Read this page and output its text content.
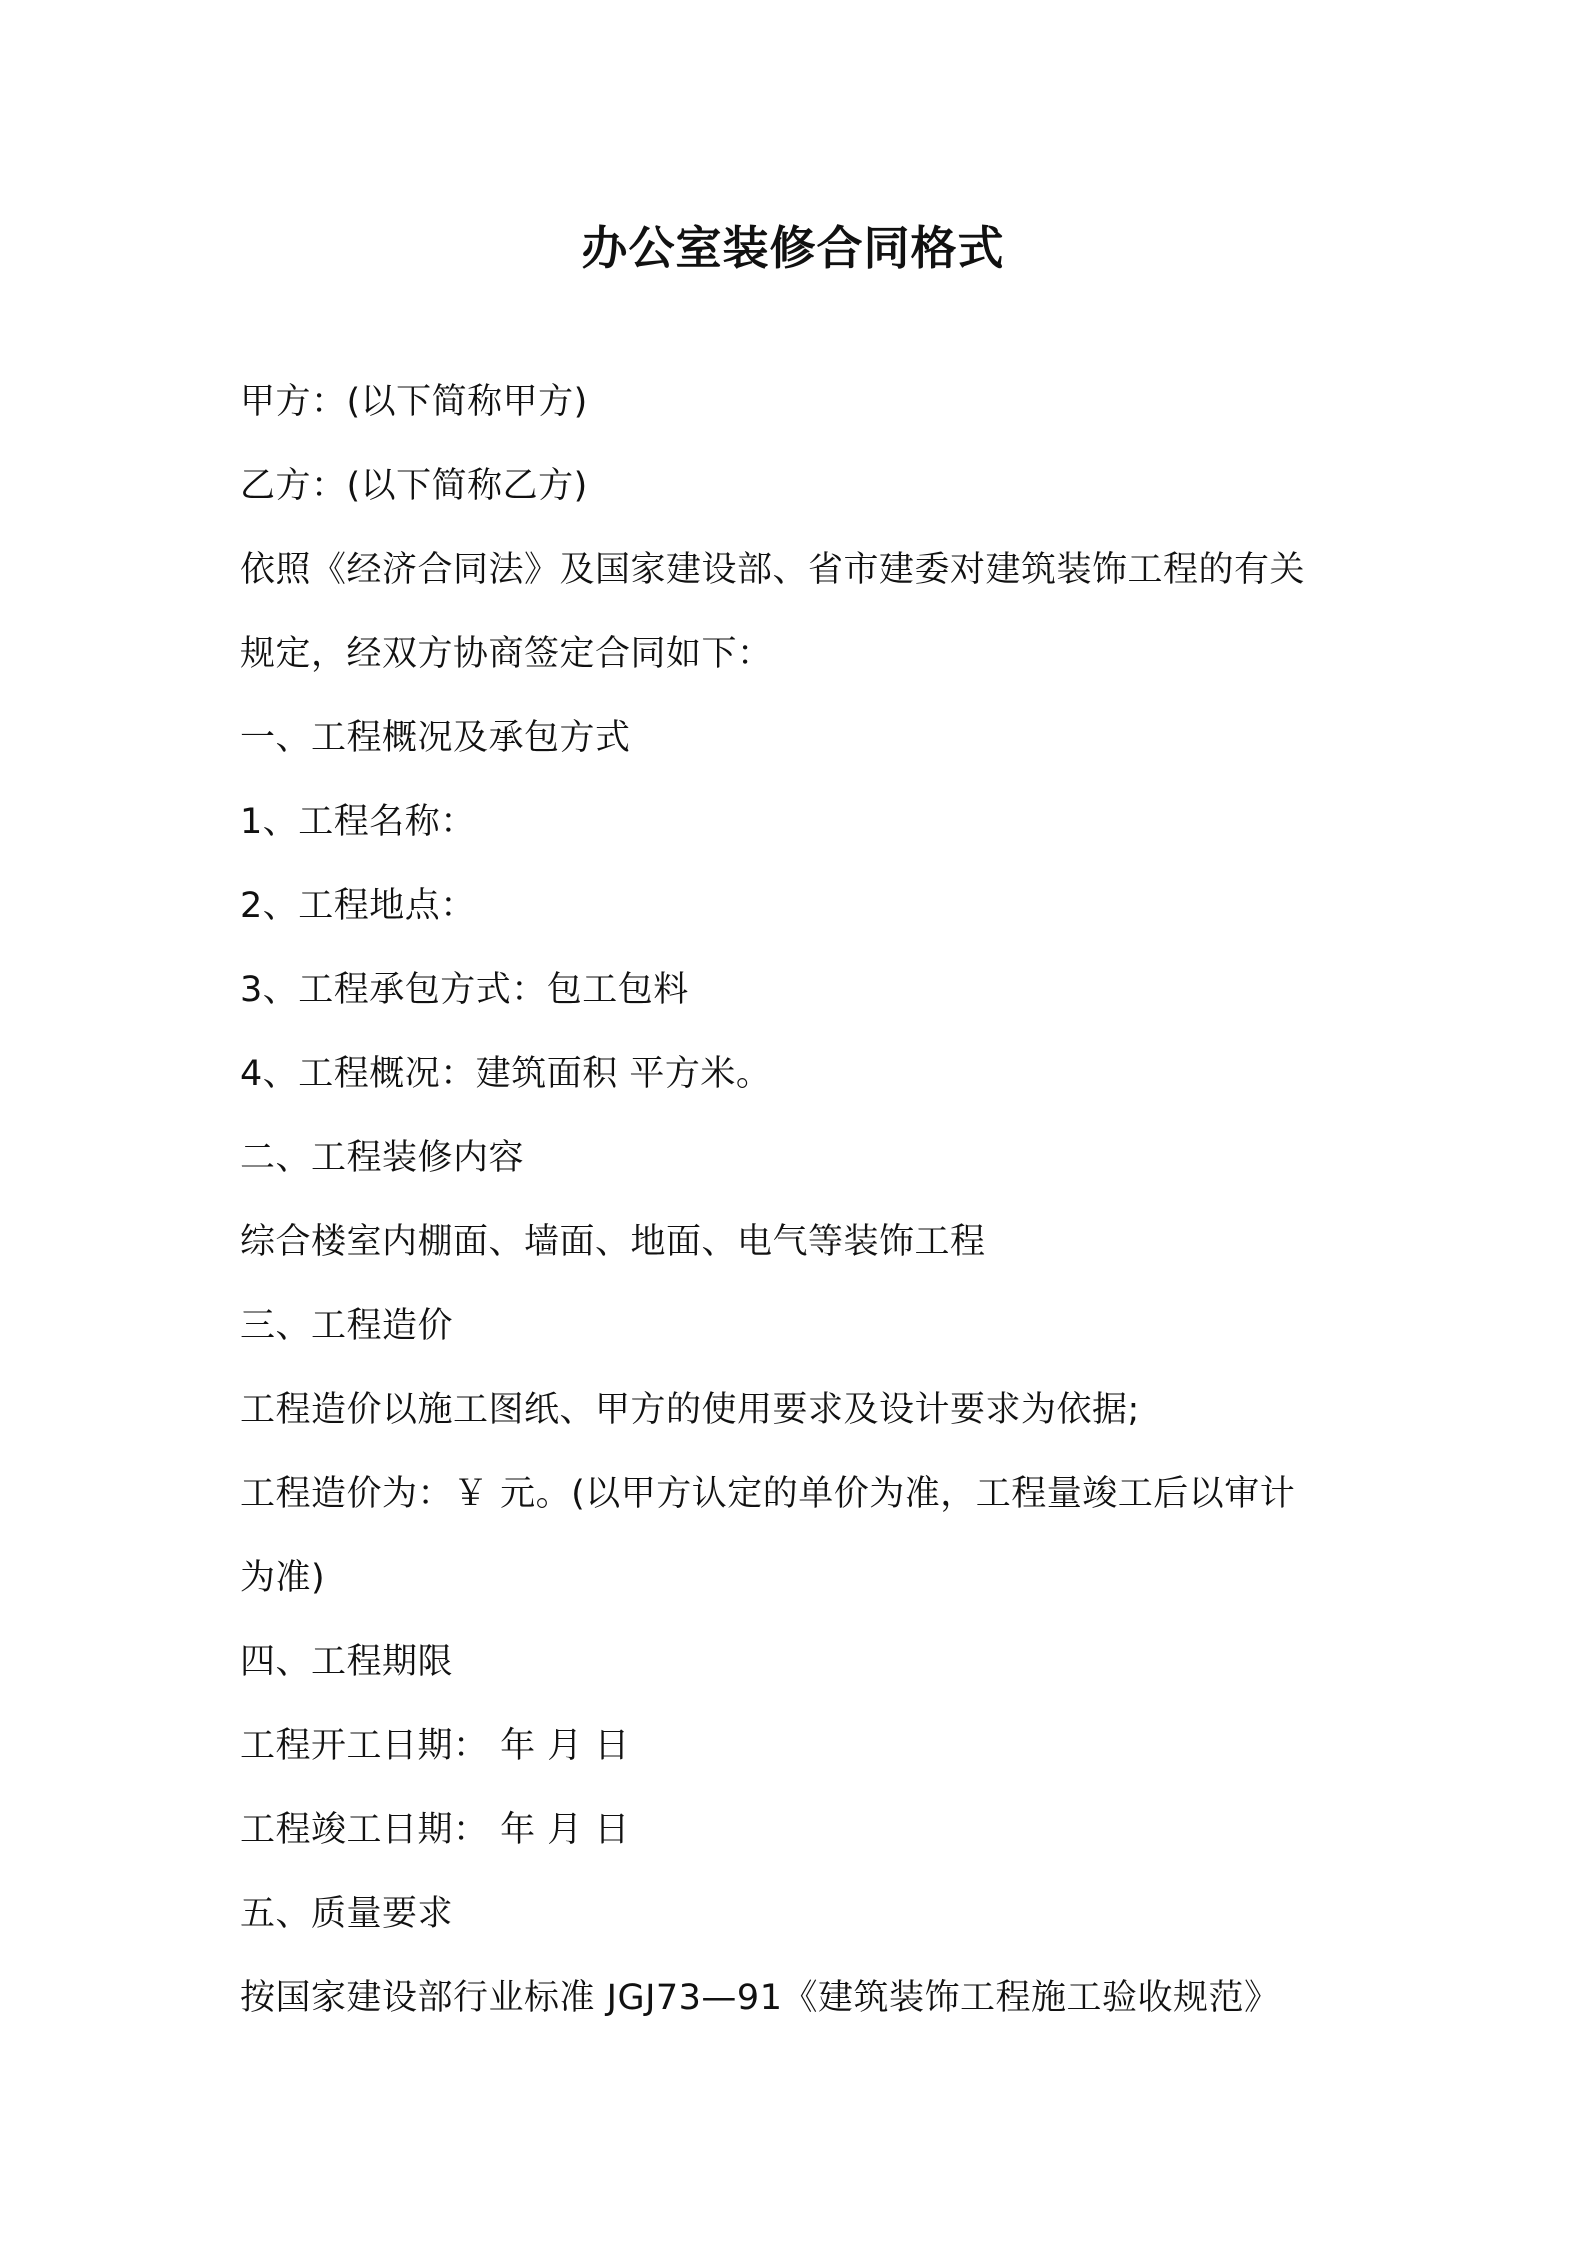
办公室装修合同格式
甲方：(以下简称甲方)
乙方：(以下简称乙方)
依照《经济合同法》及国家建设部、省市建委对建筑装饰工程的有关
规定，经双方协商签定合同如下：
一、工程概况及承包方式
1、工程名称：
2、工程地点：
3、工程承包方式：包工包料
4、工程概况：建筑面积 平方米。
二、工程装修内容
综合楼室内棚面、墙面、地面、电气等装饰工程
三、工程造价
工程造价以施工图纸、甲方的使用要求及设计要求为依据;
工程造价为：￥ 元。(以甲方认定的单价为准，工程量竣工后以审计
为准)
四、工程期限
工程开工日期： 年 月 日
工程竣工日期： 年 月 日
五、质量要求
按国家建设部行业标准 JGJ73—91《建筑装饰工程施工验收规范》
